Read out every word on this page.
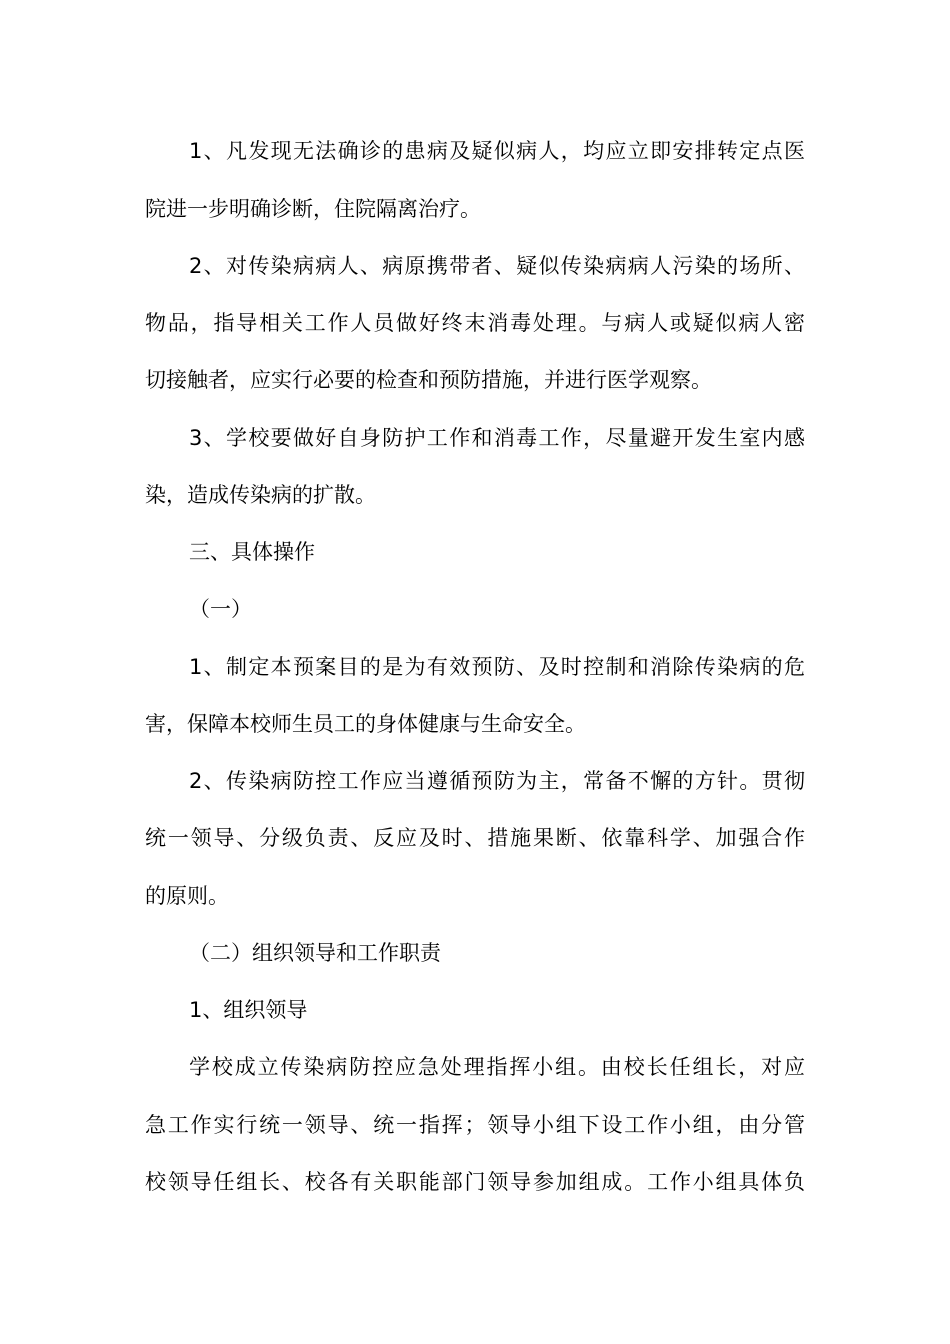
1、凡发现无法确诊的患病及疑似病人，均应立即安排转定点医
院进一步明确诊断，住院隔离治疗。
2、对传染病病人、病原携带者、疑似传染病病人污染的场所、
物品，指导相关工作人员做好终末消毒处理。与病人或疑似病人密
切接触者，应实行必要的检查和预防措施，并进行医学观察。
3、学校要做好自身防护工作和消毒工作，尽量避开发生室内感
染，造成传染病的扩散。
三、具体操作
（一）
1、制定本预案目的是为有效预防、及时控制和消除传染病的危
害，保障本校师生员工的身体健康与生命安全。
2、传染病防控工作应当遵循预防为主，常备不懈的方针。贯彻
统一领导、分级负责、反应及时、措施果断、依靠科学、加强合作
的原则。
（二）组织领导和工作职责
1、组织领导
学校成立传染病防控应急处理指挥小组。由校长任组长，对应
急工作实行统一领导、统一指挥；领导小组下设工作小组，由分管
校领导任组长、校各有关职能部门领导参加组成。工作小组具体负
